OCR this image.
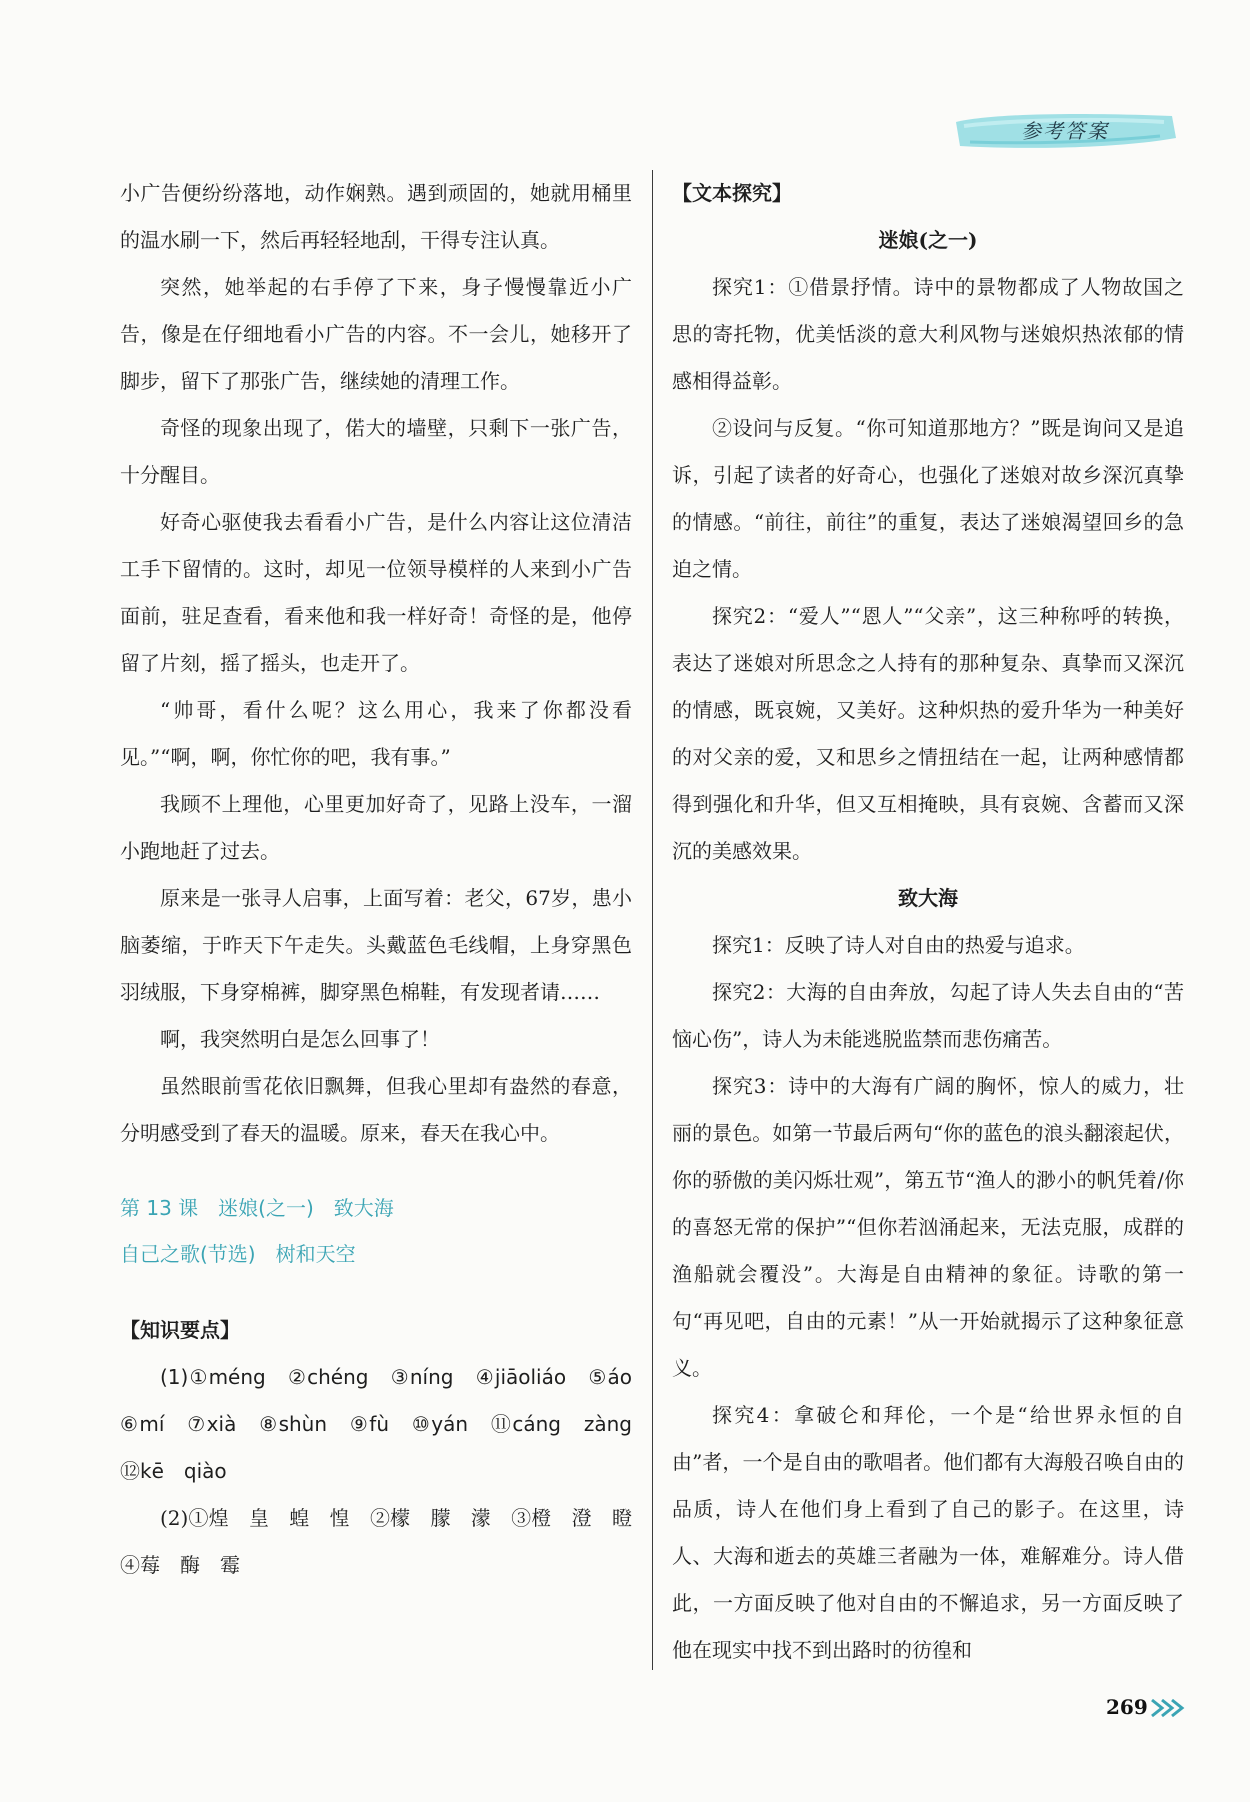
参考答案

小广告便纷纷落地，动作娴熟。遇到顽固的，她就用桶里的温水刷一下，然后再轻轻地刮，干得专注认真。

突然，她举起的右手停了下来，身子慢慢靠近小广告，像是在仔细地看小广告的内容。不一会儿，她移开了脚步，留下了那张广告，继续她的清理工作。

奇怪的现象出现了，偌大的墙壁，只剩下一张广告，十分醒目。

好奇心驱使我去看看小广告，是什么内容让这位清洁工手下留情的。这时，却见一位领导模样的人来到小广告面前，驻足查看，看来他和我一样好奇！奇怪的是，他停留了片刻，摇了摇头，也走开了。

“帅哥，看什么呢？这么用心，我来了你都没看见。”“啊，啊，你忙你的吧，我有事。”

我顾不上理他，心里更加好奇了，见路上没车，一溜小跑地赶了过去。

原来是一张寻人启事，上面写着：老父，67岁，患小脑萎缩，于昨天下午走失。头戴蓝色毛线帽，上身穿黑色羽绒服，下身穿棉裤，脚穿黑色棉鞋，有发现者请……

啊，我突然明白是怎么回事了！

虽然眼前雪花依旧飘舞，但我心里却有盎然的春意，分明感受到了春天的温暖。原来，春天在我心中。

第 13 课　迷娘(之一)　致大海

自己之歌(节选)　树和天空

【知识要点】

(1)①méng　②chéng　③níng　④jiāoliáo　⑤áo　⑥mí　⑦xià　⑧shùn　⑨fù　⑩yán　⑪cáng　zàng　⑫kē　qiào

(2)①煌　皇　蝗　惶　②檬　朦　濛　③橙　澄　瞪　④莓　酶　霉

【文本探究】

迷娘(之一)

探究1：①借景抒情。诗中的景物都成了人物故国之思的寄托物，优美恬淡的意大利风物与迷娘炽热浓郁的情感相得益彰。

②设问与反复。“你可知道那地方？”既是询问又是追诉，引起了读者的好奇心，也强化了迷娘对故乡深沉真挚的情感。“前往，前往”的重复，表达了迷娘渴望回乡的急迫之情。

探究2：“爱人”“恩人”“父亲”，这三种称呼的转换，表达了迷娘对所思念之人持有的那种复杂、真挚而又深沉的情感，既哀婉，又美好。这种炽热的爱升华为一种美好的对父亲的爱，又和思乡之情扭结在一起，让两种感情都得到强化和升华，但又互相掩映，具有哀婉、含蓄而又深沉的美感效果。

致大海

探究1：反映了诗人对自由的热爱与追求。

探究2：大海的自由奔放，勾起了诗人失去自由的“苦恼心伤”，诗人为未能逃脱监禁而悲伤痛苦。

探究3：诗中的大海有广阔的胸怀，惊人的威力，壮丽的景色。如第一节最后两句“你的蓝色的浪头翻滚起伏，你的骄傲的美闪烁壮观”，第五节“渔人的渺小的帆凭着/你的喜怒无常的保护”“但你若汹涌起来，无法克服，成群的渔船就会覆没”。大海是自由精神的象征。诗歌的第一句“再见吧，自由的元素！”从一开始就揭示了这种象征意义。

探究4：拿破仑和拜伦，一个是“给世界永恒的自由”者，一个是自由的歌唱者。他们都有大海般召唤自由的品质，诗人在他们身上看到了自己的影子。在这里，诗人、大海和逝去的英雄三者融为一体，难解难分。诗人借此，一方面反映了他对自由的不懈追求，另一方面反映了他在现实中找不到出路时的彷徨和

269
